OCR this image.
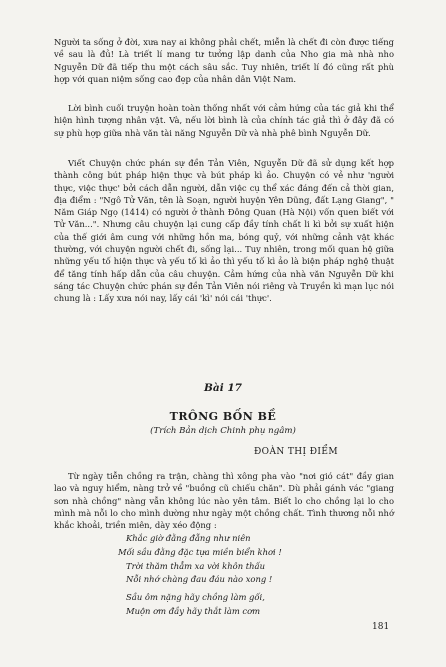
Người ta sống ở đời, xưa nay ai không phải chết, miễn là chết đi còn được tiếng về sau là đủ! Là triết lí mang tư tưởng lập danh của Nho gia mà nhà nho Nguyễn Dữ đã tiếp thu một cách sâu sắc. Tuy nhiên, triết lí đó cũng rất phù hợp với quan niệm sống cao đẹp của nhân dân Việt Nam.

Lời bình cuối truyện hoàn toàn thống nhất với cảm hứng của tác giả khi thể hiện hình tượng nhân vật. Và, nếu lời bình là của chính tác giả thì ở đây đã có sự phù hợp giữa nhà văn tài năng Nguyễn Dữ và nhà phê bình Nguyễn Dữ.

Viết Chuyện chức phán sự đền Tản Viên, Nguyễn Dữ đã sử dụng kết hợp thành công bút pháp hiện thực và bút pháp kì ảo. Chuyện có vẻ như 'người thực, việc thực' bởi cách dẫn người, dẫn việc cụ thể xác đáng đến cả thời gian, địa điểm : "Ngô Tử Văn, tên là Soạn, người huyện Yên Dũng, đất Lạng Giang", " Năm Giáp Ngọ (1414) có người ở thành Đông Quan (Hà Nội) vốn quen biết với Tử Văn...". Nhưng câu chuyện lại cung cấp đầy tính chất li kì bởi sự xuất hiện của thế giới âm cung với những hồn ma, bóng quỷ, với những cảnh vật khác thường, với chuyện người chết đi, sống lại... Tuy nhiên, trong mối quan hệ giữa những yếu tố hiện thực và yếu tố kì ảo thì yếu tố kì ảo là biện pháp nghệ thuật để tăng tính hấp dẫn của câu chuyện. Cảm hứng của nhà văn Nguyễn Dữ khi sáng tác Chuyện chức phán sự đền Tản Viên nói riêng và Truyền kì mạn lục nói chung là : Lấy xưa nói nay, lấy cái 'kì' nói cái 'thực'.

Bài 17
TRÔNG BỐN BỀ
(Trích Bản dịch Chinh phụ ngâm)
ĐOÀN THỊ ĐIỂM

Từ ngày tiễn chồng ra trận, chàng thì xông pha vào "nơi gió cát" đầy gian lao và nguy hiểm, nàng trở về "buồng cũ chiếu chăn". Dù phải gánh vác "giang sơn nhà chồng" nàng vẫn không lúc nào yên tâm. Biết lo cho chồng lại lo cho mình mà nỗi lo cho mình dường như ngày một chồng chất. Tình thương nỗi nhớ khắc khoải, triền miên, dày xéo động :

Khắc giờ đằng đẵng như niên
Mối sầu đằng đặc tựa miền biển khơi !
Trời thăm thẳm xa vời khôn thấu
Nỗi nhớ chàng đau đáu nào xong !
Sầu ôm nặng hãy chồng làm gối,
Muộn ơm đầy hãy thắt làm cơm
181
